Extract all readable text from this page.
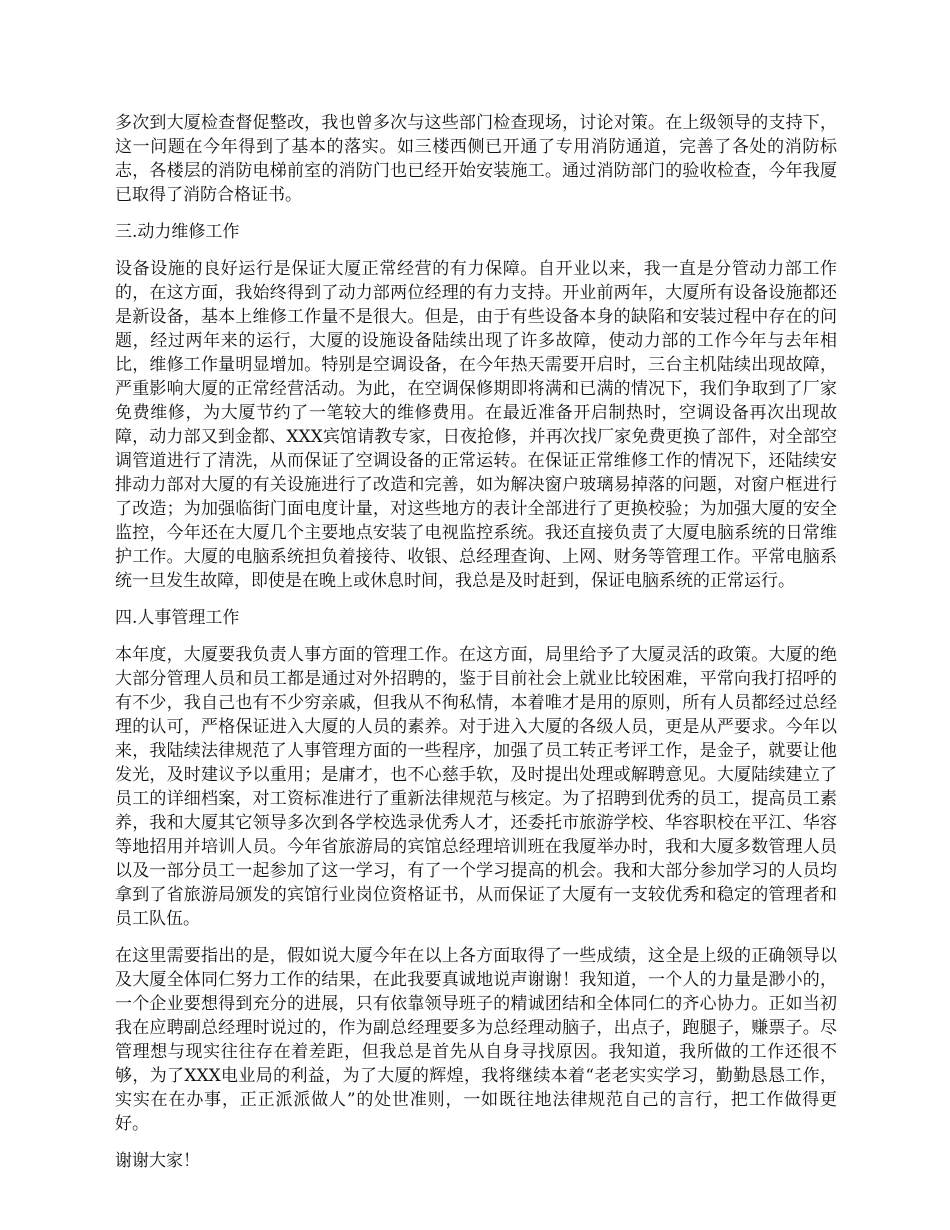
多次到大厦检查督促整改，我也曾多次与这些部门检查现场，讨论对策。在上级领导的支持下，这一问题在今年得到了基本的落实。如三楼西侧已开通了专用消防通道，完善了各处的消防标志，各楼层的消防电梯前室的消防门也已经开始安装施工。通过消防部门的验收检查，今年我厦已取得了消防合格证书。

三.动力维修工作

设备设施的良好运行是保证大厦正常经营的有力保障。自开业以来，我一直是分管动力部工作的，在这方面，我始终得到了动力部两位经理的有力支持。开业前两年，大厦所有设备设施都还是新设备，基本上维修工作量不是很大。但是，由于有些设备本身的缺陷和安装过程中存在的问题，经过两年来的运行，大厦的设施设备陆续出现了许多故障，使动力部的工作今年与去年相比，维修工作量明显增加。特别是空调设备，在今年热天需要开启时，三台主机陆续出现故障，严重影响大厦的正常经营活动。为此，在空调保修期即将满和已满的情况下，我们争取到了厂家免费维修，为大厦节约了一笔较大的维修费用。在最近准备开启制热时，空调设备再次出现故障，动力部又到金都、XXX宾馆请教专家，日夜抢修，并再次找厂家免费更换了部件，对全部空调管道进行了清洗，从而保证了空调设备的正常运转。在保证正常维修工作的情况下，还陆续安排动力部对大厦的有关设施进行了改造和完善，如为解决窗户玻璃易掉落的问题，对窗户框进行了改造；为加强临街门面电度计量，对这些地方的表计全部进行了更换校验；为加强大厦的安全监控，今年还在大厦几个主要地点安装了电视监控系统。我还直接负责了大厦电脑系统的日常维护工作。大厦的电脑系统担负着接待、收银、总经理查询、上网、财务等管理工作。平常电脑系统一旦发生故障，即使是在晚上或休息时间，我总是及时赶到，保证电脑系统的正常运行。

四.人事管理工作

本年度，大厦要我负责人事方面的管理工作。在这方面，局里给予了大厦灵活的政策。大厦的绝大部分管理人员和员工都是通过对外招聘的，鉴于目前社会上就业比较困难，平常向我打招呼的有不少，我自己也有不少穷亲戚，但我从不徇私情，本着唯才是用的原则，所有人员都经过总经理的认可，严格保证进入大厦的人员的素养。对于进入大厦的各级人员，更是从严要求。今年以来，我陆续法律规范了人事管理方面的一些程序，加强了员工转正考评工作，是金子，就要让他发光，及时建议予以重用；是庸才，也不心慈手软，及时提出处理或解聘意见。大厦陆续建立了员工的详细档案，对工资标准进行了重新法律规范与核定。为了招聘到优秀的员工，提高员工素养，我和大厦其它领导多次到各学校选录优秀人才，还委托市旅游学校、华容职校在平江、华容等地招用并培训人员。今年省旅游局的宾馆总经理培训班在我厦举办时，我和大厦多数管理人员以及一部分员工一起参加了这一学习，有了一个学习提高的机会。我和大部分参加学习的人员均拿到了省旅游局颁发的宾馆行业岗位资格证书，从而保证了大厦有一支较优秀和稳定的管理者和员工队伍。

在这里需要指出的是，假如说大厦今年在以上各方面取得了一些成绩，这全是上级的正确领导以及大厦全体同仁努力工作的结果，在此我要真诚地说声谢谢！我知道，一个人的力量是渺小的，一个企业要想得到充分的进展，只有依靠领导班子的精诚团结和全体同仁的齐心协力。正如当初我在应聘副总经理时说过的，作为副总经理要多为总经理动脑子，出点子，跑腿子，赚票子。尽管理想与现实往往存在着差距，但我总是首先从自身寻找原因。我知道，我所做的工作还很不够，为了XXX电业局的利益，为了大厦的辉煌，我将继续本着“老老实实学习，勤勤恳恳工作，实实在在办事，正正派派做人”的处世准则，一如既往地法律规范自己的言行，把工作做得更好。

谢谢大家！
